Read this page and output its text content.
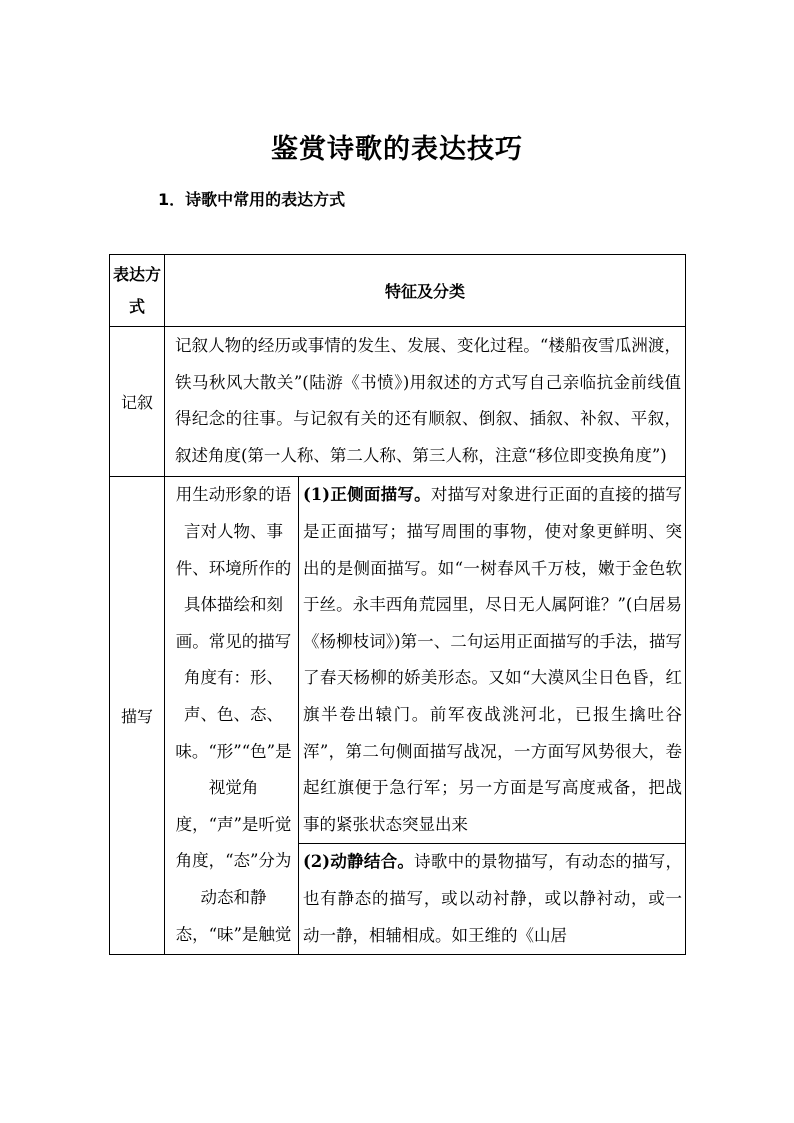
鉴赏诗歌的表达技巧
1．诗歌中常用的表达方式
表达方式	特征及分类	
记叙	记叙人物的经历或事情的发生、发展、变化过程。“楼船夜雪瓜洲渡，铁马秋风大散关”(陆游《书愤》)用叙述的方式写自己亲临抗金前线值得纪念的往事。与记叙有关的还有顺叙、倒叙、插叙、补叙、平叙，叙述角度(第一人称、第二人称、第三人称，注意“移位即变换角度”)	

描写	用生动形象的语言对人物、事件、环境所作的具体描绘和刻画。常见的描写角度有：形、声、色、态、味。“形”“色”是视觉角度，“声”是听觉角度，“态”分为动态和静态，“味”是触觉	(1)正侧面描写。对描写对象进行正面的直接的描写是正面描写；描写周围的事物，使对象更鲜明、突出的是侧面描写。如“一树春风千万枝，嫩于金色软于丝。永丰西角荒园里，尽日无人属阿谁？”(白居易《杨柳枝词》)第一、二句运用正面描写的手法，描写了春天杨柳的娇美形态。又如“大漠风尘日色昏，红旗半卷出辕门。前军夜战洮河北，已报生擒吐谷浑”，第二句侧面描写战况，一方面写风势很大，卷起红旗便于急行军；另一方面是写高度戒备，把战事的紧张状态突显出来

		(2)动静结合。诗歌中的景物描写，有动态的描写，也有静态的描写，或以动衬静，或以静衬动，或一动一静，相辅相成。如王维的《山居
